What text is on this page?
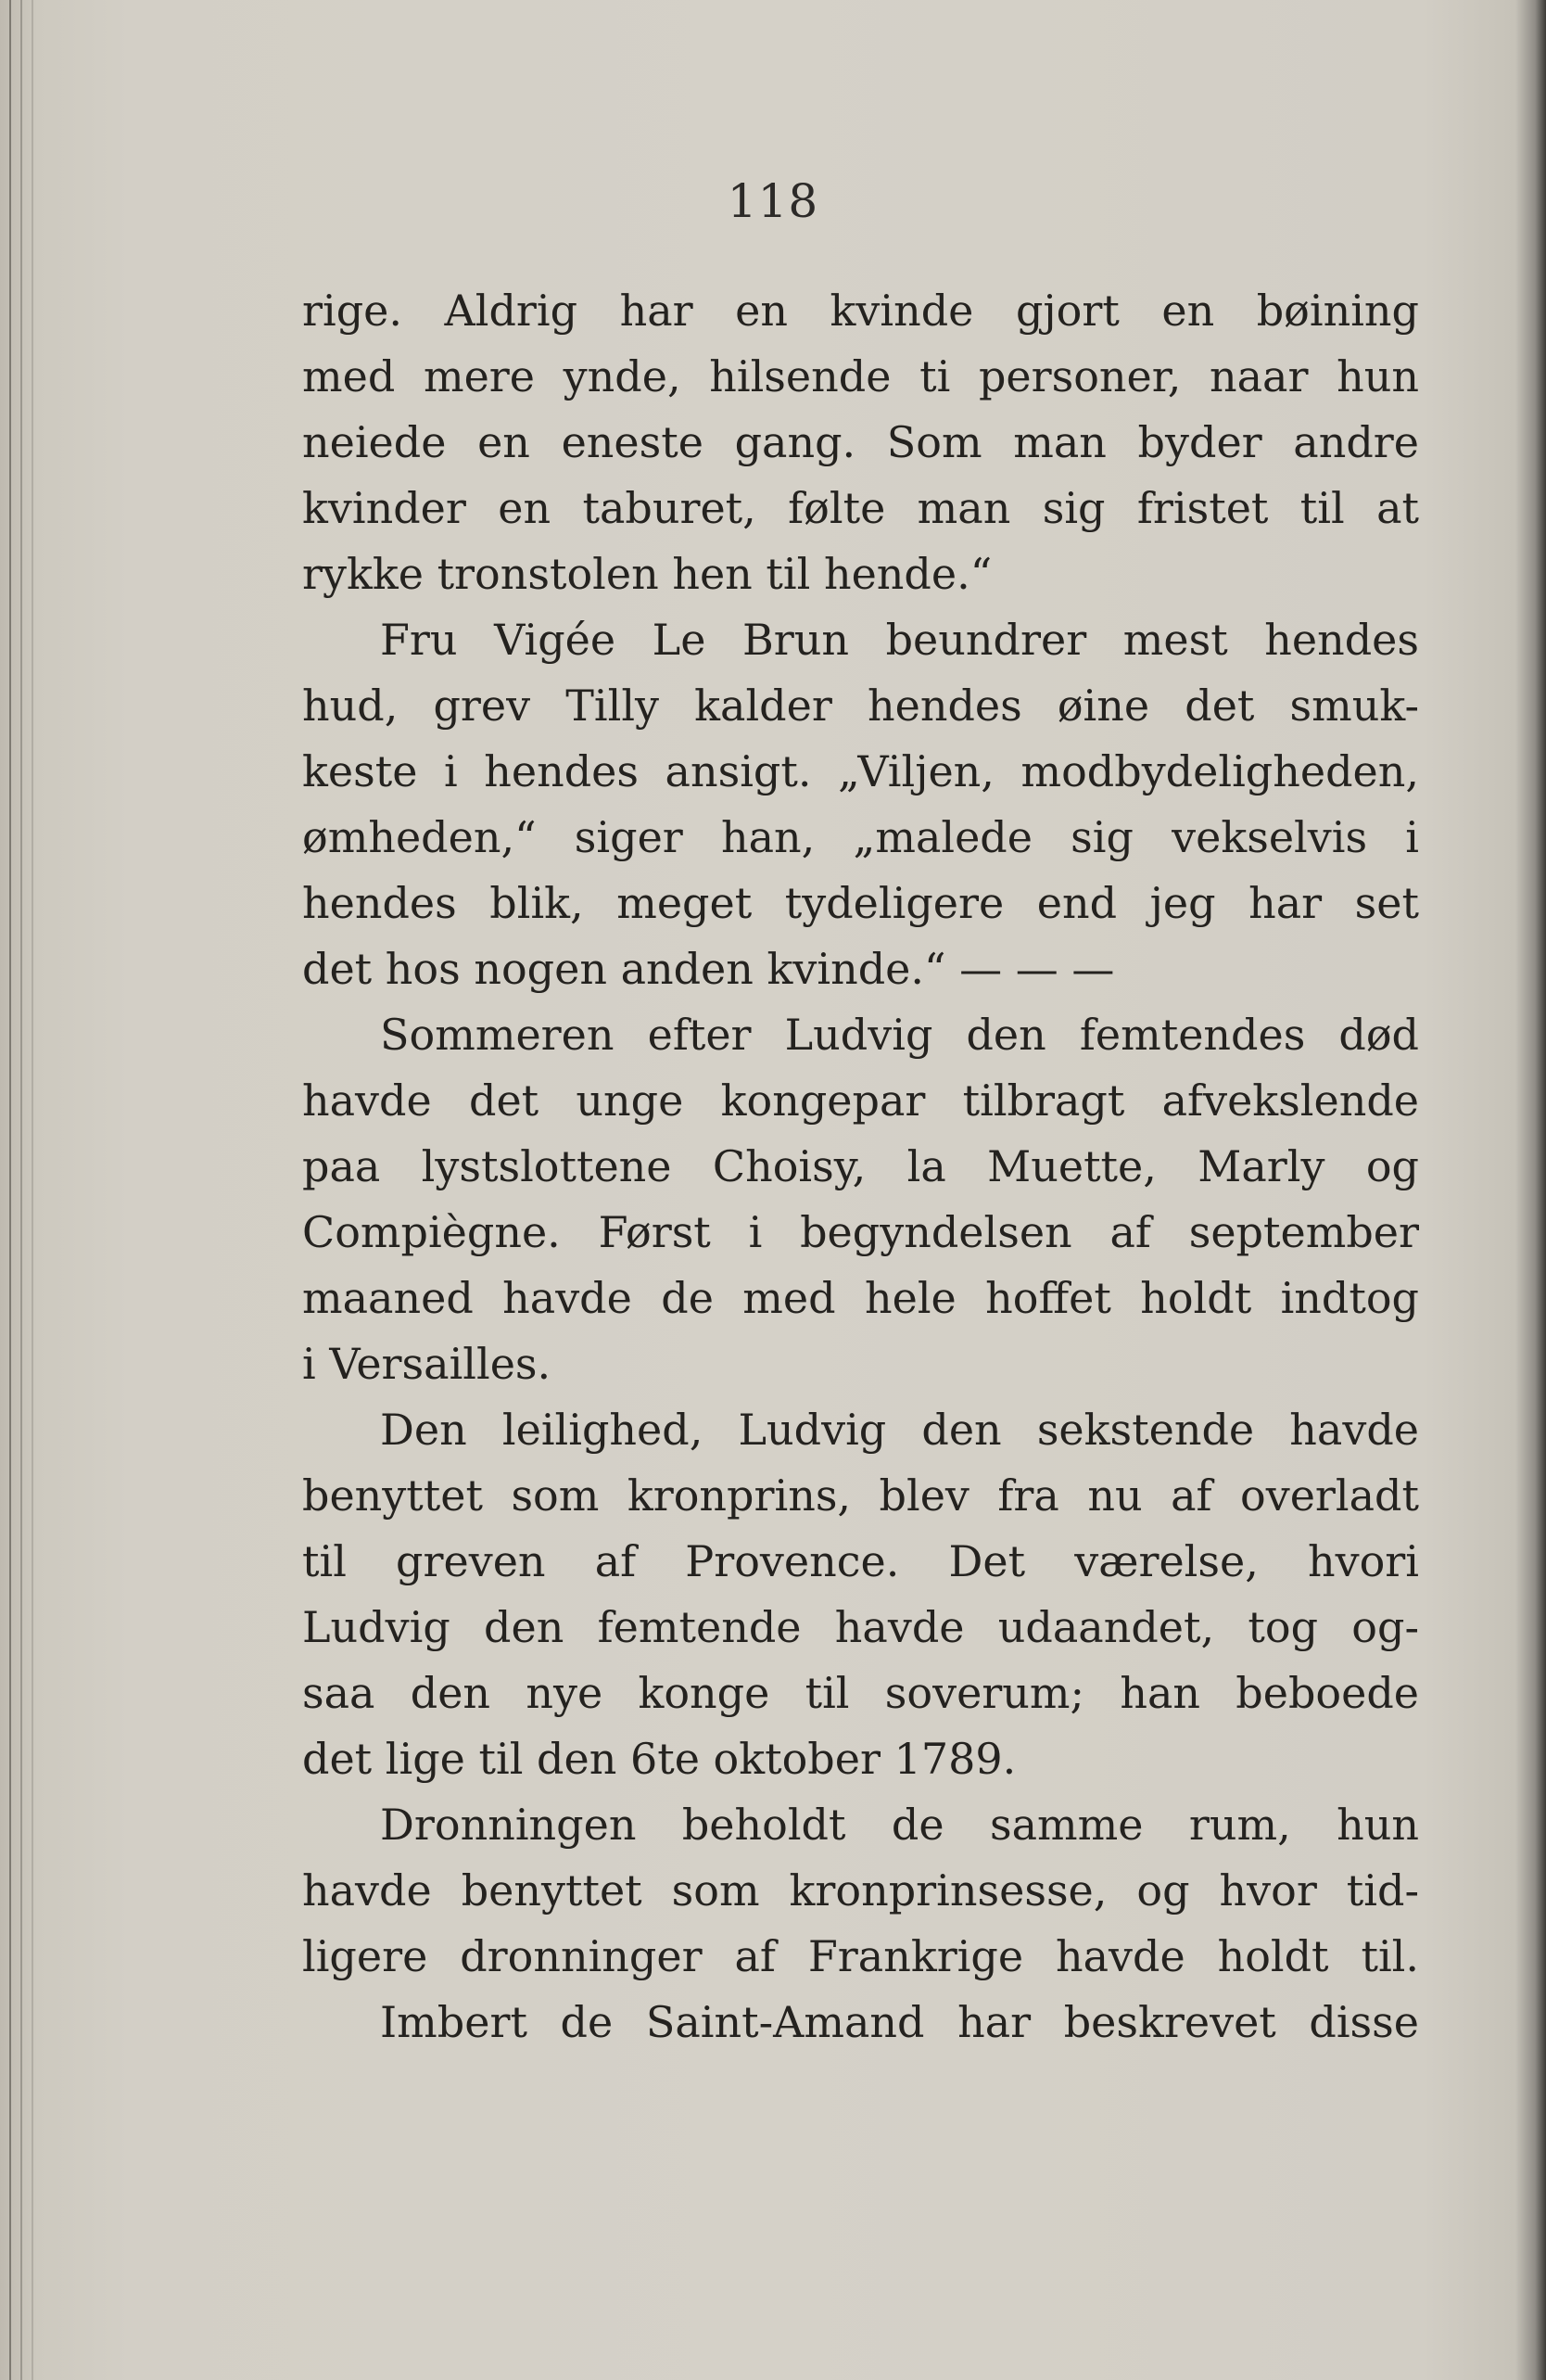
118
rige. Aldrig har en kvinde gjort en bøining
med mere ynde, hilsende ti personer, naar hun
neiede en eneste gang. Som man byder andre
kvinder en taburet, følte man sig fristet til at
rykke tronstolen hen til hende.“
Fru Vigée Le Brun beundrer mest hendes
hud, grev Tilly kalder hendes øine det smuk-
keste i hendes ansigt. „Viljen, modbydeligheden,
ømheden,“ siger han, „malede sig vekselvis i
hendes blik, meget tydeligere end jeg har set
det hos nogen anden kvinde.“ — — —
Sommeren efter Ludvig den femtendes død
havde det unge kongepar tilbragt afvekslende
paa lystslottene Choisy, la Muette, Marly og
Compiègne. Først i begyndelsen af september
maaned havde de med hele hoffet holdt indtog
i Versailles.
Den leilighed, Ludvig den sekstende havde
benyttet som kronprins, blev fra nu af overladt
til greven af Provence. Det værelse, hvori
Ludvig den femtende havde udaandet, tog og-
saa den nye konge til soverum; han beboede
det lige til den 6te oktober 1789.
Dronningen beholdt de samme rum, hun
havde benyttet som kronprinsesse, og hvor tid-
ligere dronninger af Frankrige havde holdt til.
Imbert de Saint-Amand har beskrevet disse
